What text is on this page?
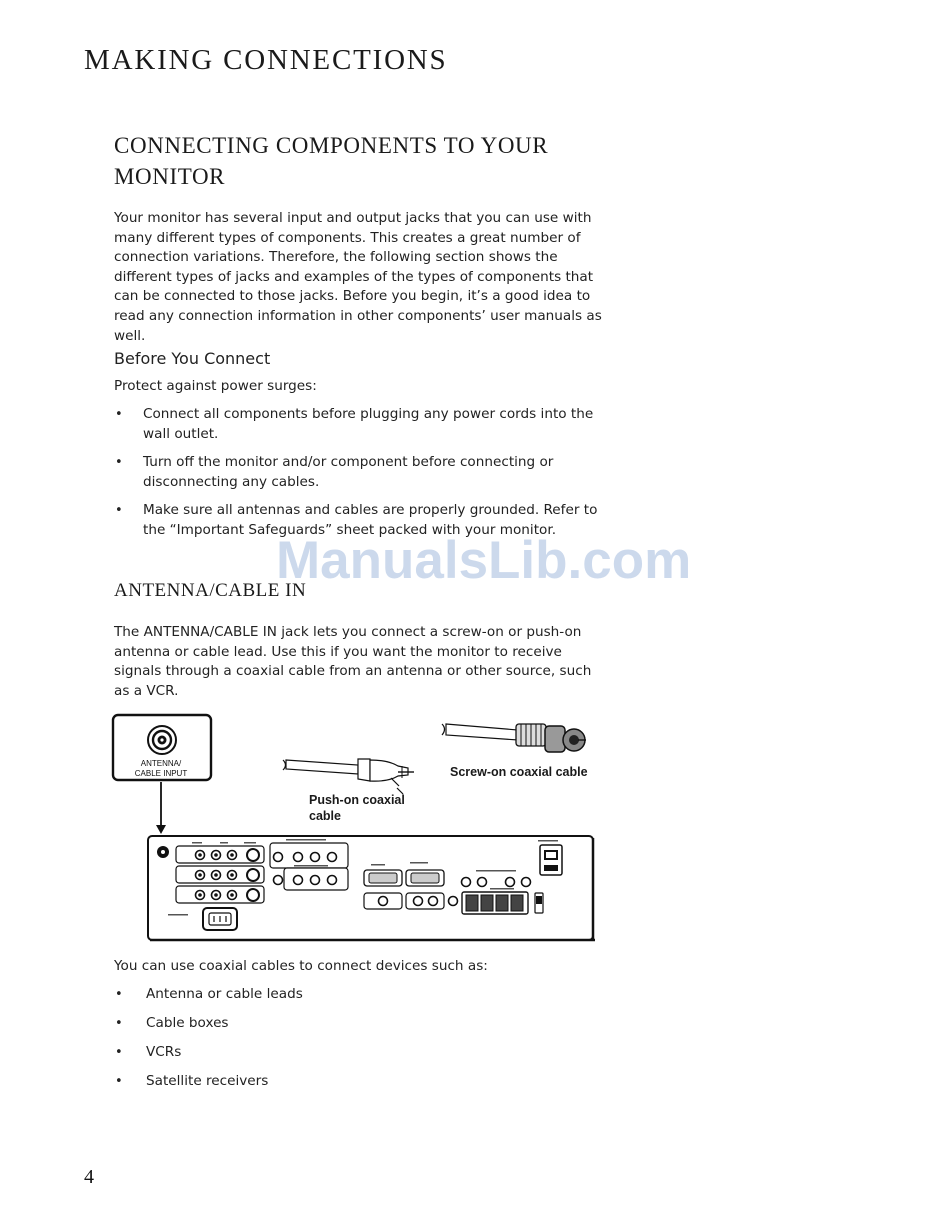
MAKING CONNECTIONS
CONNECTING COMPONENTS TO YOUR MONITOR
Your monitor has several input and output jacks that you can use with many different types of components. This creates a great number of connection variations. Therefore, the following section shows the different types of jacks and examples of the types of components that can be connected to those jacks. Before you begin, it’s a good idea to read any connection information in other components’ user manuals as well.
Before You Connect
Protect against power surges:
• Connect all components before plugging any power cords into the wall outlet.
• Turn off the monitor and/or component before connecting or disconnecting any cables.
• Make sure all antennas and cables are properly grounded. Refer to the “Important Safeguards” sheet packed with your monitor.
ManualsLib.com
ANTENNA/CABLE IN
The ANTENNA/CABLE IN jack lets you connect a screw-on or push-on antenna or cable lead. Use this if you want the monitor to receive signals through a coaxial cable from an antenna or other source, such as a VCR.
ANTENNA/
CABLE INPUT	Screw-on coaxial cable
Push-on coaxial cable
You can use coaxial cables to connect devices such as:
• Antenna or cable leads
• Cable boxes
• VCRs
• Satellite receivers
4
